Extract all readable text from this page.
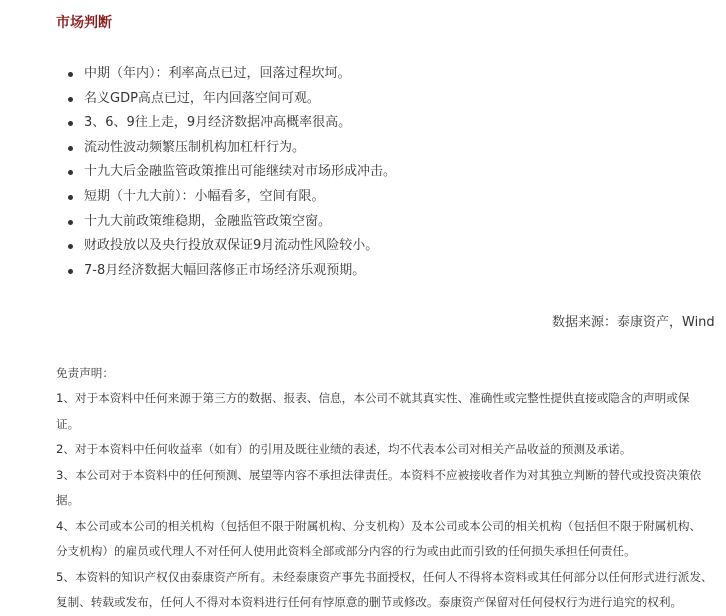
市场判断
中期（年内）：利率高点已过，回落过程坎坷。
名义GDP高点已过，年内回落空间可观。
3、6、9往上走，9月经济数据冲高概率很高。
流动性波动频繁压制机构加杠杆行为。
十九大后金融监管政策推出可能继续对市场形成冲击。
短期（十九大前）：小幅看多，空间有限。
十九大前政策维稳期，金融监管政策空窗。
财政投放以及央行投放双保证9月流动性风险较小。
7-8月经济数据大幅回落修正市场经济乐观预期。
数据来源：泰康资产，Wind
免责声明：
1、对于本资料中任何来源于第三方的数据、报表、信息，本公司不就其真实性、准确性或完整性提供直接或隐含的声明或保
证。
2、对于本资料中任何收益率（如有）的引用及既往业绩的表述，均不代表本公司对相关产品收益的预测及承诺。
3、本公司对于本资料中的任何预测、展望等内容不承担法律责任。本资料不应被接收者作为对其独立判断的替代或投资决策依
据。
4、本公司或本公司的相关机构（包括但不限于附属机构、分支机构）及本公司或本公司的相关机构（包括但不限于附属机构、
分支机构）的雇员或代理人不对任何人使用此资料全部或部分内容的行为或由此而引致的任何损失承担任何责任。
5、本资料的知识产权仅由泰康资产所有。未经泰康资产事先书面授权，任何人不得将本资料或其任何部分以任何形式进行派发、
复制、转载或发布，任何人不得对本资料进行任何有悖原意的删节或修改。泰康资产保留对任何侵权行为进行追究的权利。
